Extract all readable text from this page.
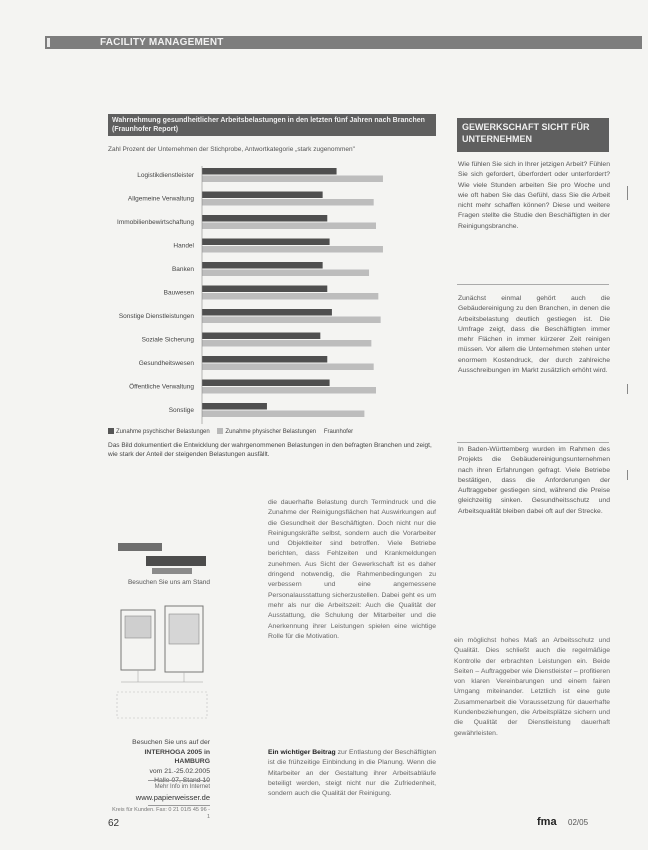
FACILITY MANAGEMENT
Wahrnehmung gesundheitlicher Arbeitsbelastungen in den letzten fünf Jahren nach Branchen (Fraunhofer Report)
Zahl Prozent der Unternehmen der Stichprobe, Antwortkategorie „stark zugenommen"
Logistikdienstleister
Allgemeine Verwaltung
Immobilienbewirtschaftung
Handel
Banken
Bauwesen
Sonstige Dienstleistungen
Soziale Sicherung
Gesundheitswesen
Öffentliche Verwaltung
Sonstige
Zunahme psychischer Belastungen	Zunahme physischer Belastungen Fraunhofer
Das Bild dokumentiert die Entwicklung der wahrgenommenen Belastungen in den befragten Branchen und zeigt, wie stark der Anteil der steigenden Belastungen ausfällt.
GEWERKSCHAFT SICHT FÜR UNTERNEHMEN
Wie fühlen Sie sich in Ihrer jetzigen Arbeit? Fühlen Sie sich gefordert, überfordert oder unterfordert? Wie viele Stunden arbeiten Sie pro Woche und wie oft haben Sie das Gefühl, dass Sie die Arbeit nicht mehr schaffen können? Diese und weitere Fragen stellte die Studie den Beschäftigten in der Reinigungsbranche.
Zunächst einmal gehört auch die Gebäudereinigung zu den Branchen, in denen die Arbeitsbelastung deutlich gestiegen ist. Die Umfrage zeigt, dass die Beschäftigten immer mehr Flächen in immer kürzerer Zeit reinigen müssen. Vor allem die Unternehmen stehen unter enormem Kostendruck, der durch zahlreiche Ausschreibungen im Markt zusätzlich erhöht wird.
In Baden-Württemberg wurden im Rahmen des Projekts die Gebäudereinigungsunternehmen nach ihren Erfahrungen gefragt. Viele Betriebe bestätigen, dass die Anforderungen der Auftraggeber gestiegen sind, während die Preise gleichzeitig sinken. Gesundheitsschutz und Arbeitsqualität bleiben dabei oft auf der Strecke.
Besuchen Sie uns am Stand
Besuchen Sie uns auf der
INTERHOGA 2005 in HAMBURG
vom 21.-25.02.2005
Halle 07, Stand 10
Mehr Info im Internet
www.papierweisser.de
Kreis für Kunden. Fax: 0 21 01/5 45 96 - 1
die dauerhafte Belastung durch Termindruck und die Zunahme der Reinigungsflächen hat Auswirkungen auf die Gesundheit der Beschäftigten. Doch nicht nur die Reinigungskräfte selbst, sondern auch die Vorarbeiter und Objektleiter sind betroffen. Viele Betriebe berichten, dass Fehlzeiten und Krankmeldungen zunehmen. Aus Sicht der Gewerkschaft ist es daher dringend notwendig, die Rahmenbedingungen zu verbessern und eine angemessene Personalausstattung sicherzustellen. Dabei geht es um mehr als nur die Arbeitszeit: Auch die Qualität der Ausstattung, die Schulung der Mitarbeiter und die Anerkennung ihrer Leistungen spielen eine wichtige Rolle für die Motivation.
Ein wichtiger Beitrag zur Entlastung der Beschäftigten ist die frühzeitige Einbindung in die Planung. Wenn die Mitarbeiter an der Gestaltung ihrer Arbeitsabläufe beteiligt werden, steigt nicht nur die Zufriedenheit, sondern auch die Qualität der Reinigung.
ein möglichst hohes Maß an Arbeitsschutz und Qualität. Dies schließt auch die regelmäßige Kontrolle der erbrachten Leistungen ein. Beide Seiten – Auftraggeber wie Dienstleister – profitieren von klaren Vereinbarungen und einem fairen Umgang miteinander. Letztlich ist eine gute Zusammenarbeit die Voraussetzung für dauerhafte Kundenbeziehungen, die Arbeitsplätze sichern und die Qualität der Dienstleistung dauerhaft gewährleisten.
62	fma 02/05
